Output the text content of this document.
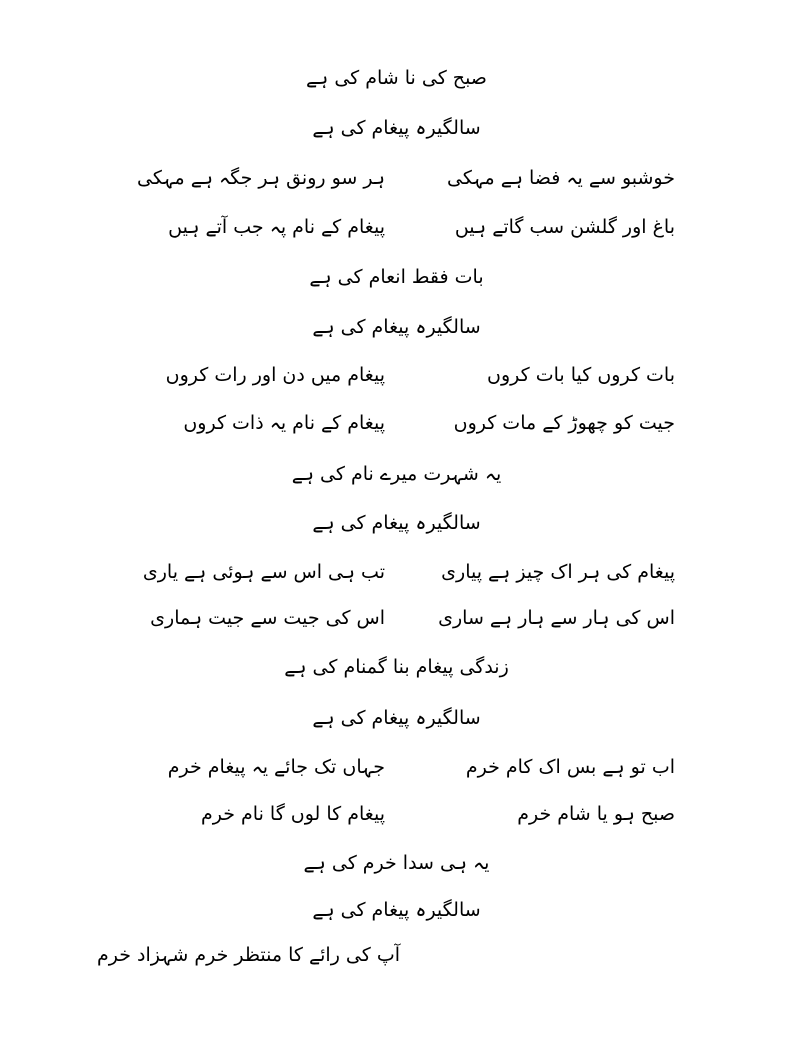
صبح کی نا شام کی ہے
سالگیرہ پیغام کی ہے
خوشبو سے یہ فضا ہے مہکی
ہر سو رونق ہر جگہ ہے مہکی
باغ اور گلشن سب گاتے ہیں
پیغام کے نام پہ جب آتے ہیں
بات فقط انعام کی ہے
سالگیرہ پیغام کی ہے
بات کروں کیا بات کروں
پیغام میں دن اور رات کروں
جیت کو چھوڑ کے مات کروں
پیغام کے نام یہ ذات کروں
یہ شہرت میرے نام کی ہے
سالگیرہ پیغام کی ہے
پیغام کی ہر اک چیز ہے پیاری
تب ہی اس سے ہوئی ہے یاری
اس کی ہار سے ہار ہے ساری
اس کی جیت سے جیت ہماری
زندگی پیغام بنا گمنام کی ہے
سالگیرہ پیغام کی ہے
اب تو ہے بس اک کام خرم
جہاں تک جائے یہ پیغام خرم
صبح ہو یا شام خرم
پیغام کا لوں گا نام خرم
یہ ہی سدا خرم کی ہے
سالگیرہ پیغام کی ہے
آپ کی رائے کا منتظر خرم شہزاد خرم
